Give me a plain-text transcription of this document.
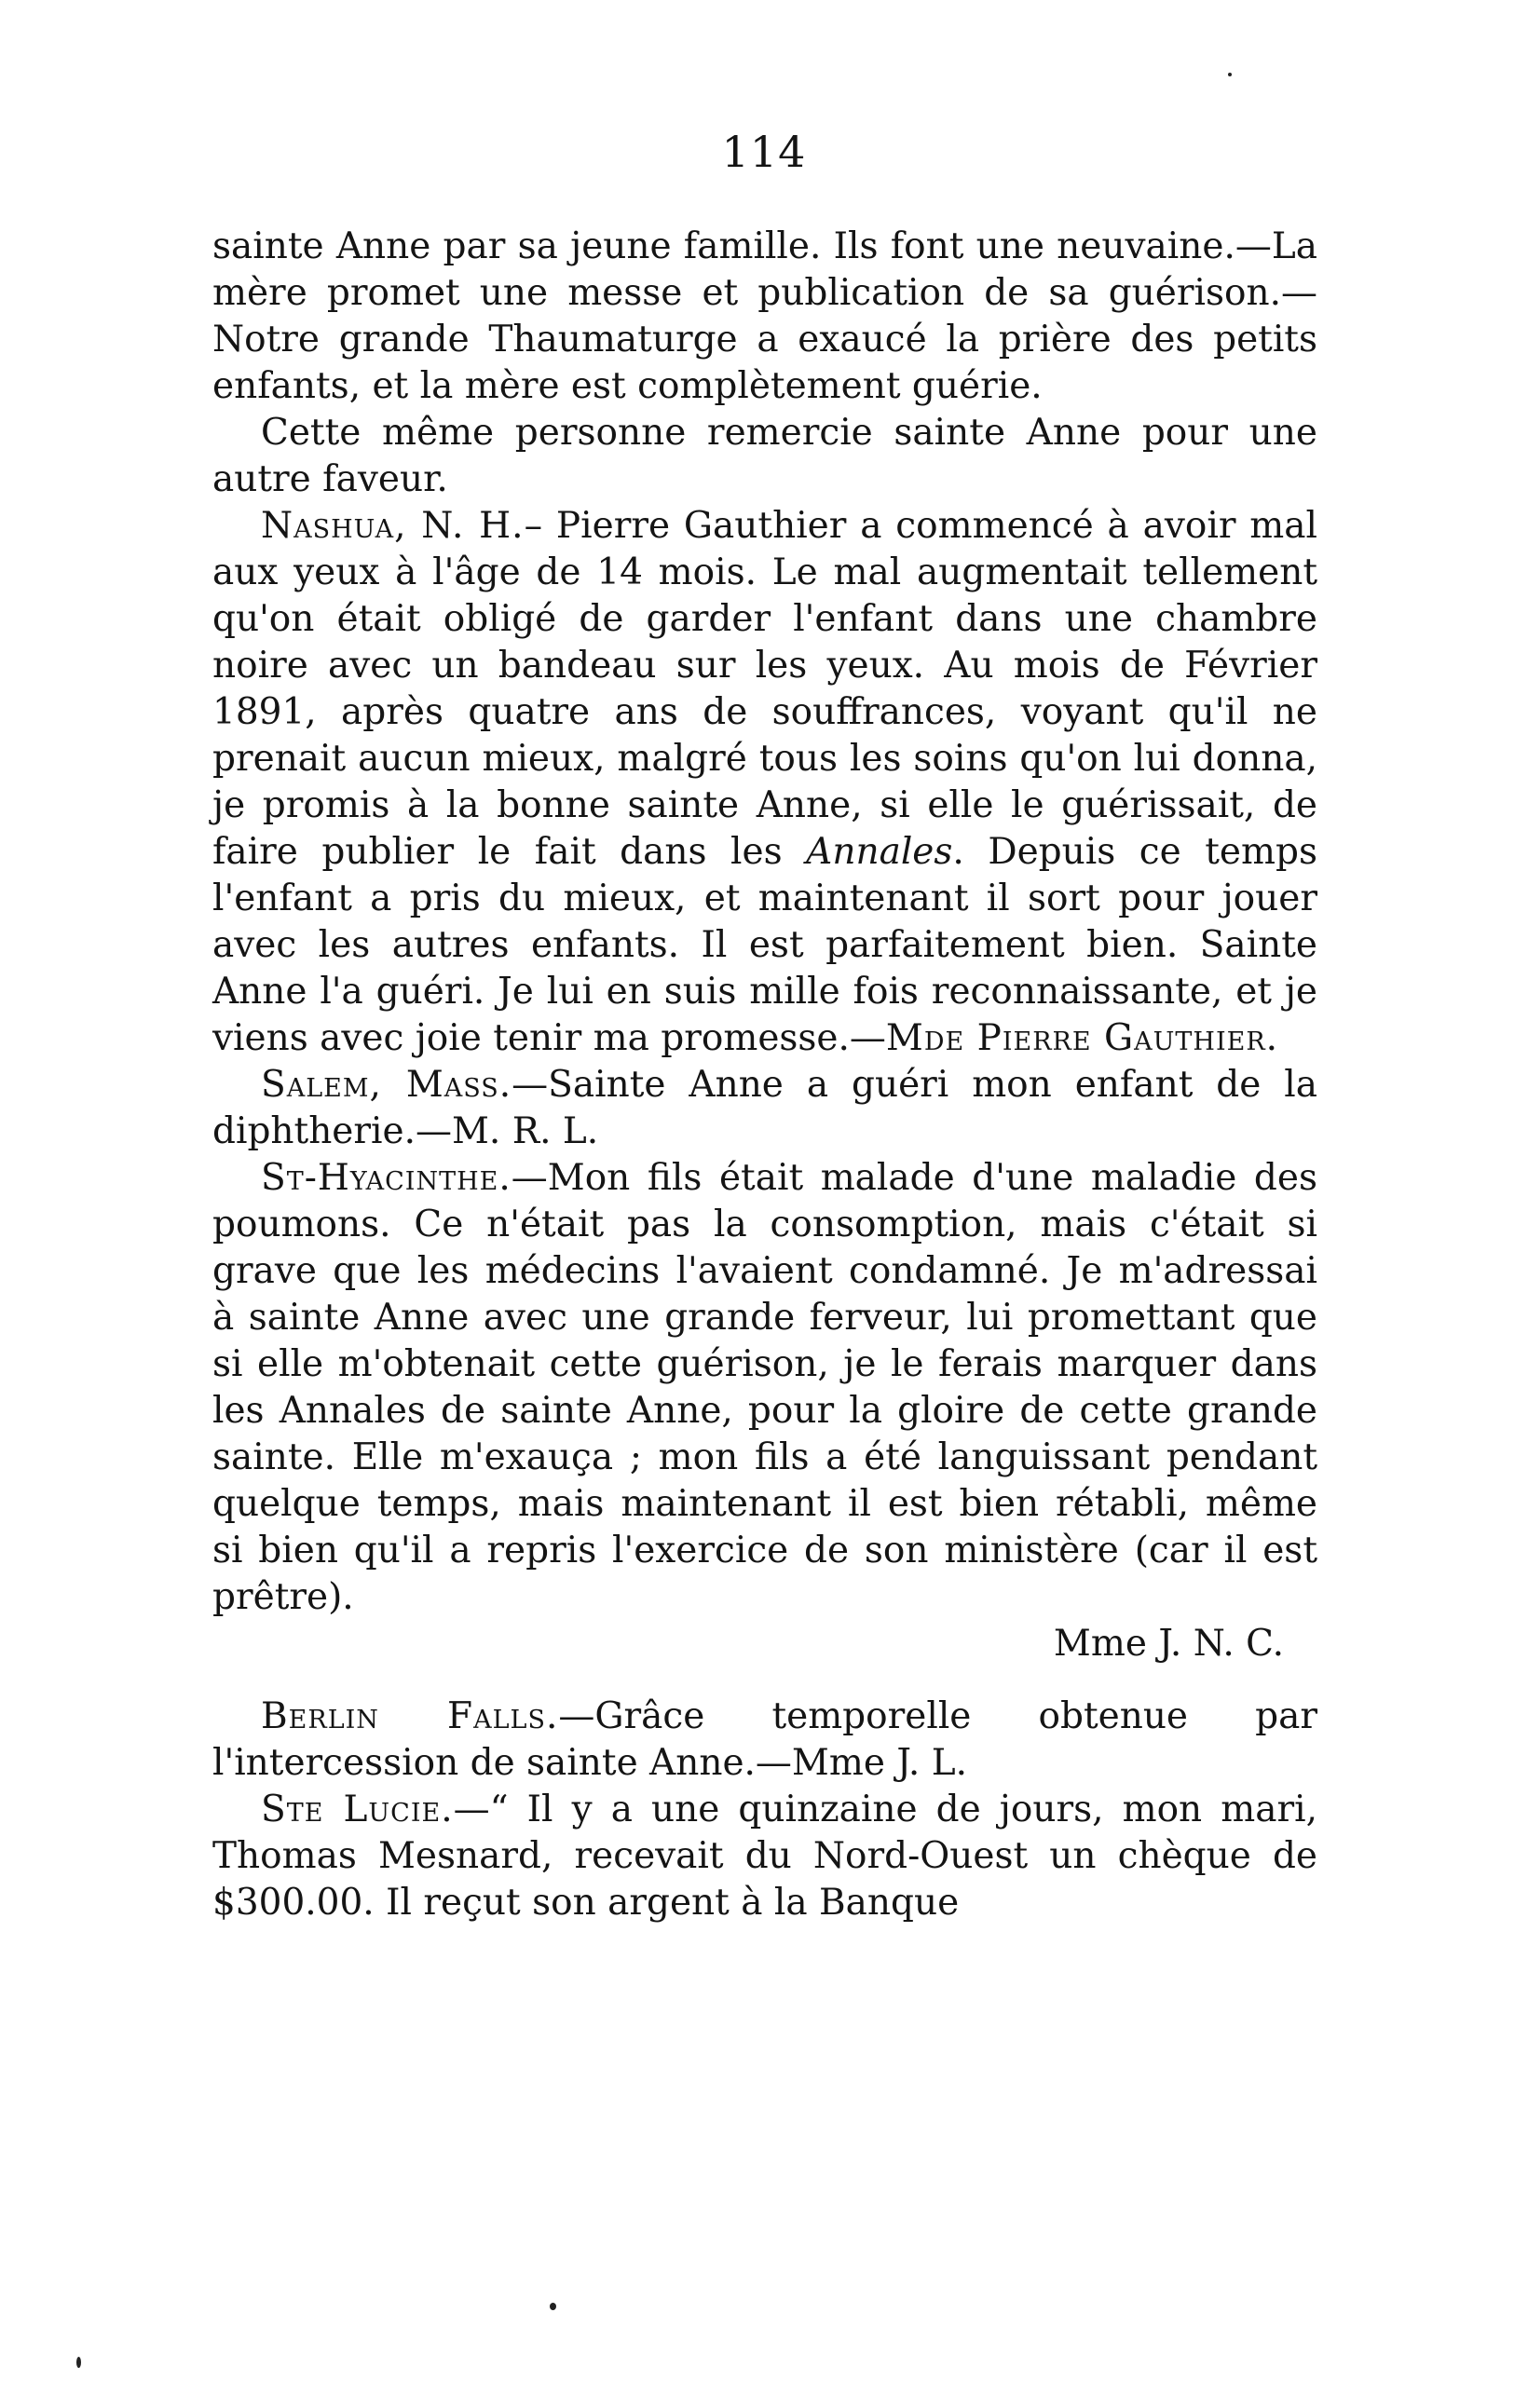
114

sainte Anne par sa jeune famille. Ils font une neuvaine.—La mère promet une messe et publication de sa guérison.—Notre grande Thaumaturge a exaucé la prière des petits enfants, et la mère est complètement guérie.

Cette même personne remercie sainte Anne pour une autre faveur.

Nashua, N. H.– Pierre Gauthier a commencé à avoir mal aux yeux à l'âge de 14 mois. Le mal augmentait tellement qu'on était obligé de garder l'enfant dans une chambre noire avec un bandeau sur les yeux. Au mois de Février 1891, après quatre ans de souffrances, voyant qu'il ne prenait aucun mieux, malgré tous les soins qu'on lui donna, je promis à la bonne sainte Anne, si elle le guérissait, de faire publier le fait dans les Annales. Depuis ce temps l'enfant a pris du mieux, et maintenant il sort pour jouer avec les autres enfants. Il est parfaitement bien. Sainte Anne l'a guéri. Je lui en suis mille fois reconnaissante, et je viens avec joie tenir ma promesse.—Mde Pierre Gauthier.

Salem, Mass.—Sainte Anne a guéri mon enfant de la diphtherie.—M. R. L.

St-Hyacinthe.—Mon fils était malade d'une maladie des poumons. Ce n'était pas la consomption, mais c'était si grave que les médecins l'avaient condamné. Je m'adressai à sainte Anne avec une grande ferveur, lui promettant que si elle m'obtenait cette guérison, je le ferais marquer dans les Annales de sainte Anne, pour la gloire de cette grande sainte. Elle m'exauça ; mon fils a été languissant pendant quelque temps, mais maintenant il est bien rétabli, même si bien qu'il a repris l'exercice de son ministère (car il est prêtre).

Mme J. N. C.

Berlin Falls.—Grâce temporelle obtenue par l'intercession de sainte Anne.—Mme J. L.

Ste Lucie.—“ Il y a une quinzaine de jours, mon mari, Thomas Mesnard, recevait du Nord-Ouest un chèque de $300.00. Il reçut son argent à la Banque
